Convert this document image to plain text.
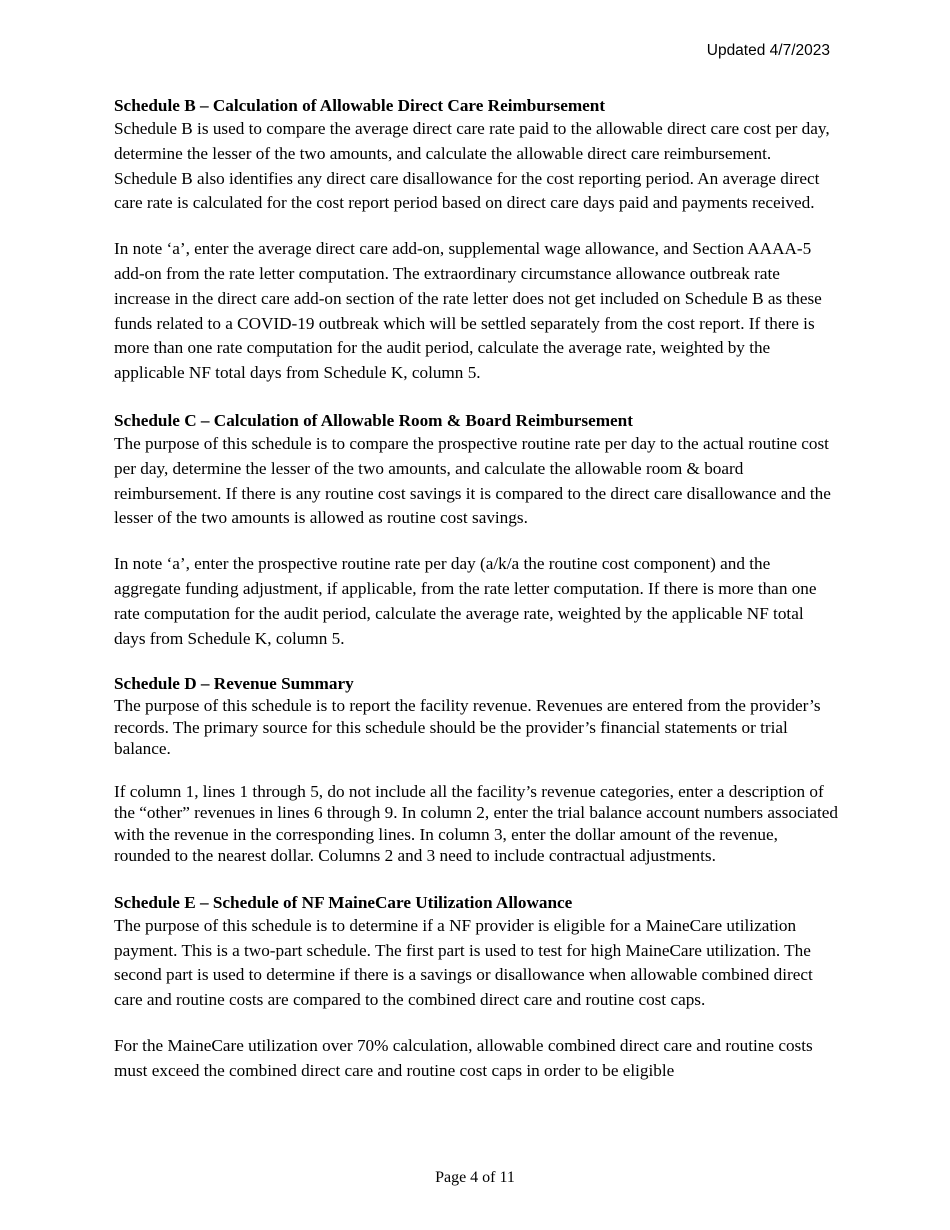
Updated 4/7/2023

Schedule B – Calculation of Allowable Direct Care Reimbursement

Schedule B is used to compare the average direct care rate paid to the allowable direct care cost per day, determine the lesser of the two amounts, and calculate the allowable direct care reimbursement. Schedule B also identifies any direct care disallowance for the cost reporting period. An average direct care rate is calculated for the cost report period based on direct care days paid and payments received.

In note ‘a’, enter the average direct care add-on, supplemental wage allowance, and Section AAAA-5 add-on from the rate letter computation. The extraordinary circumstance allowance outbreak rate increase in the direct care add-on section of the rate letter does not get included on Schedule B as these funds related to a COVID-19 outbreak which will be settled separately from the cost report. If there is more than one rate computation for the audit period, calculate the average rate, weighted by the applicable NF total days from Schedule K, column 5.

Schedule C – Calculation of Allowable Room & Board Reimbursement

The purpose of this schedule is to compare the prospective routine rate per day to the actual routine cost per day, determine the lesser of the two amounts, and calculate the allowable room & board reimbursement. If there is any routine cost savings it is compared to the direct care disallowance and the lesser of the two amounts is allowed as routine cost savings.

In note ‘a’, enter the prospective routine rate per day (a/k/a the routine cost component) and the aggregate funding adjustment, if applicable, from the rate letter computation. If there is more than one rate computation for the audit period, calculate the average rate, weighted by the applicable NF total days from Schedule K, column 5.

Schedule D – Revenue Summary

The purpose of this schedule is to report the facility revenue. Revenues are entered from the provider’s records. The primary source for this schedule should be the provider’s financial statements or trial balance.

If column 1, lines 1 through 5, do not include all the facility’s revenue categories, enter a description of the “other” revenues in lines 6 through 9. In column 2, enter the trial balance account numbers associated with the revenue in the corresponding lines. In column 3, enter the dollar amount of the revenue, rounded to the nearest dollar. Columns 2 and 3 need to include contractual adjustments.

Schedule E – Schedule of NF MaineCare Utilization Allowance

The purpose of this schedule is to determine if a NF provider is eligible for a MaineCare utilization payment. This is a two-part schedule. The first part is used to test for high MaineCare utilization. The second part is used to determine if there is a savings or disallowance when allowable combined direct care and routine costs are compared to the combined direct care and routine cost caps.

For the MaineCare utilization over 70% calculation, allowable combined direct care and routine costs must exceed the combined direct care and routine cost caps in order to be eligible

Page 4 of 11
